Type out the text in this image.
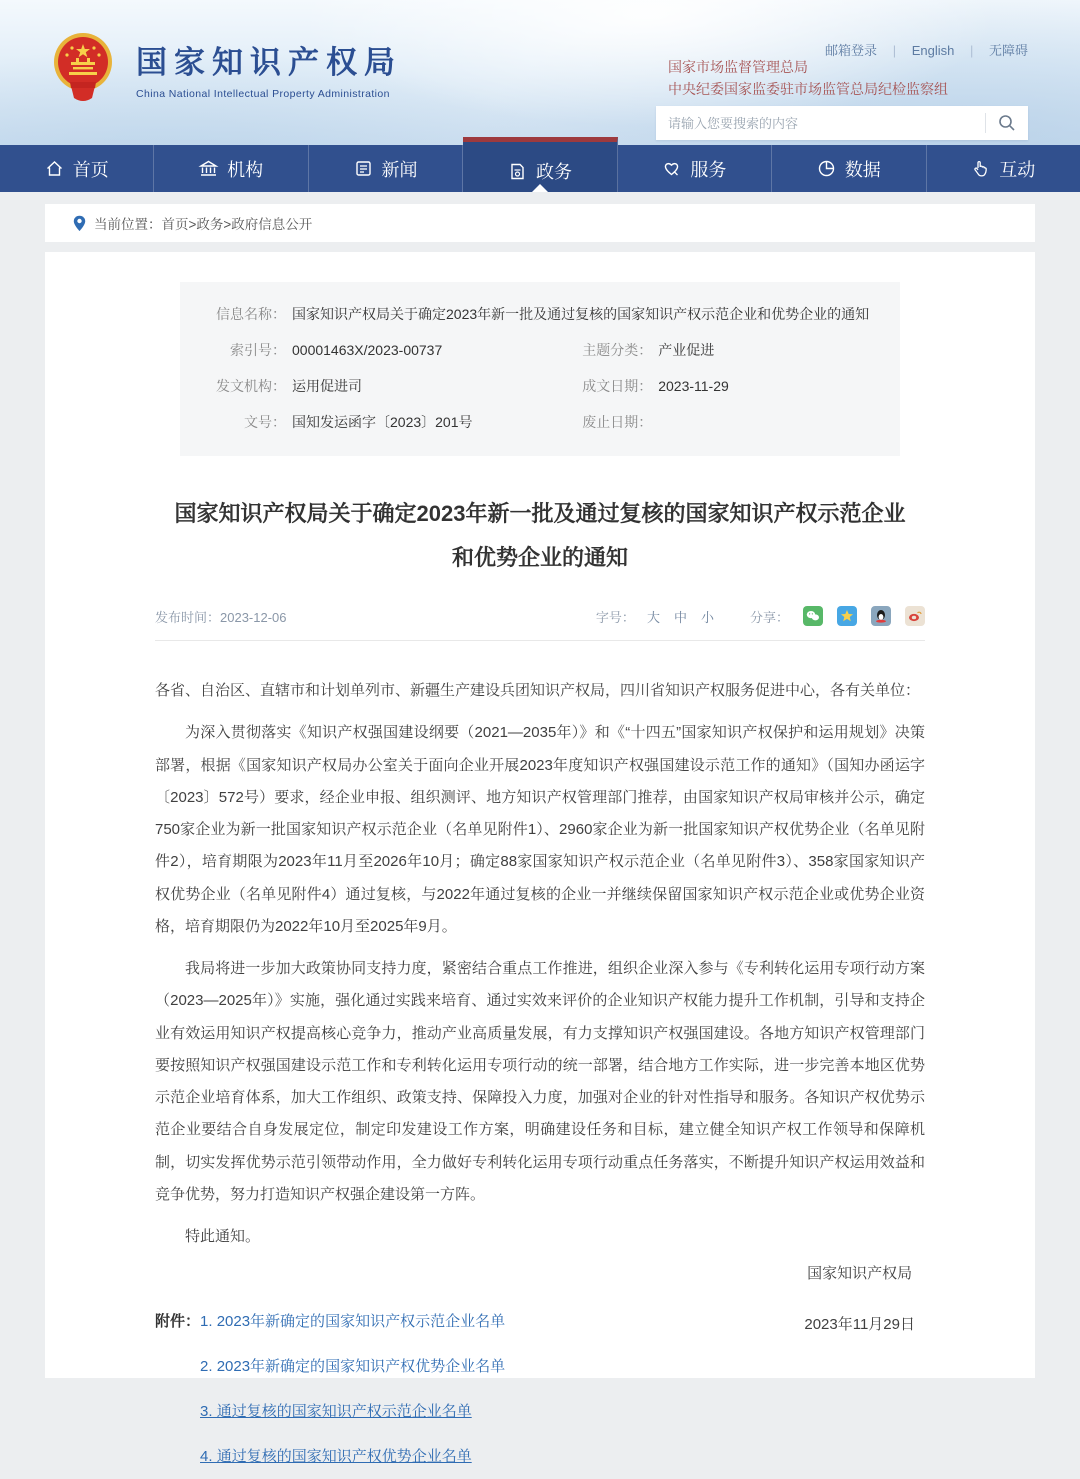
国家知识产权局
China National Intellectual Property Administration
邮箱登录 | English | 无障碍
国家市场监督管理总局
中央纪委国家监委驻市场监管总局纪检监察组
请输入您要搜索的内容
首页	机构	新闻	政务	服务	数据	互动
当前位置： 首页>政务>政府信息公开
信息名称： 国家知识产权局关于确定2023年新一批及通过复核的国家知识产权示范企业和优势企业的通知
索引号： 00001463X/2023-00737	主题分类： 产业促进
发文机构： 运用促进司	成文日期： 2023-11-29
文号： 国知发运函字〔2023〕201号	废止日期：
国家知识产权局关于确定2023年新一批及通过复核的国家知识产权示范企业和优势企业的通知
发布时间：2023-12-06	字号： 大 中 小	分享：

各省、自治区、直辖市和计划单列市、新疆生产建设兵团知识产权局，四川省知识产权服务促进中心，各有关单位：

为深入贯彻落实《知识产权强国建设纲要（2021—2035年）》和《“十四五”国家知识产权保护和运用规划》决策部署，根据《国家知识产权局办公室关于面向企业开展2023年度知识产权强国建设示范工作的通知》（国知办函运字〔2023〕572号）要求，经企业申报、组织测评、地方知识产权管理部门推荐，由国家知识产权局审核并公示，确定750家企业为新一批国家知识产权示范企业（名单见附件1）、2960家企业为新一批国家知识产权优势企业（名单见附件2），培育期限为2023年11月至2026年10月；确定88家国家知识产权示范企业（名单见附件3）、358家国家知识产权优势企业（名单见附件4）通过复核，与2022年通过复核的企业一并继续保留国家知识产权示范企业或优势企业资格，培育期限仍为2022年10月至2025年9月。

我局将进一步加大政策协同支持力度，紧密结合重点工作推进，组织企业深入参与《专利转化运用专项行动方案（2023—2025年）》实施，强化通过实践来培育、通过实效来评价的企业知识产权能力提升工作机制，引导和支持企业有效运用知识产权提高核心竞争力，推动产业高质量发展，有力支撑知识产权强国建设。各地方知识产权管理部门要按照知识产权强国建设示范工作和专利转化运用专项行动的统一部署，结合地方工作实际，进一步完善本地区优势示范企业培育体系，加大工作组织、政策支持、保障投入力度，加强对企业的针对性指导和服务。各知识产权优势示范企业要结合自身发展定位，制定印发建设工作方案，明确建设任务和目标，建立健全知识产权工作领导和保障机制，切实发挥优势示范引领带动作用，全力做好专利转化运用专项行动重点任务落实，不断提升知识产权运用效益和竞争优势，努力打造知识产权强企建设第一方阵。

特此通知。

附件： 1. 2023年新确定的国家知识产权示范企业名单
2. 2023年新确定的国家知识产权优势企业名单
3. 通过复核的国家知识产权示范企业名单
4. 通过复核的国家知识产权优势企业名单
国家知识产权局
2023年11月29日
